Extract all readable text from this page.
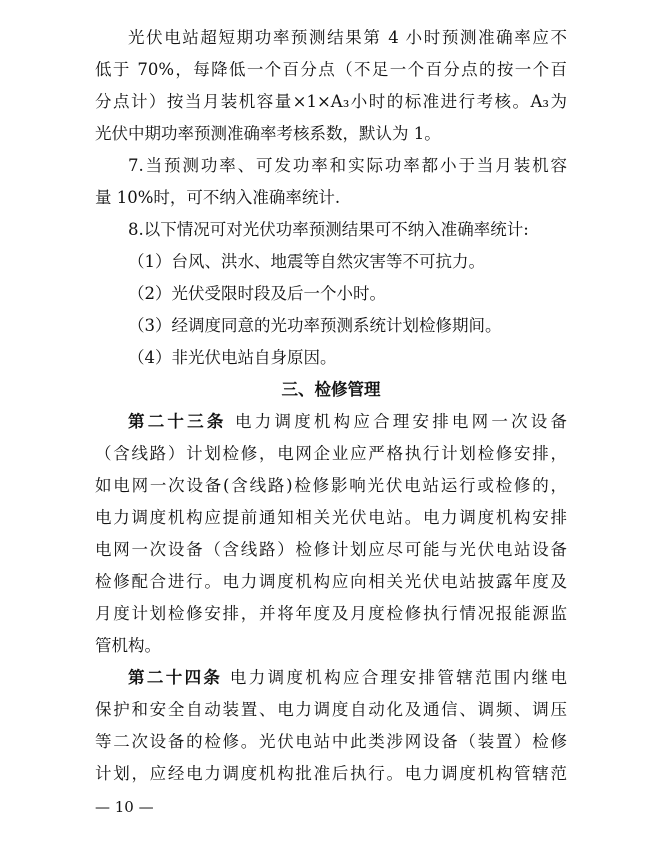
光伏电站超短期功率预测结果第 4 小时预测准确率应不
低于 70%，每降低一个百分点（不足一个百分点的按一个百
分点计）按当月装机容量×1×A₃小时的标准进行考核。A₃为
光伏中期功率预测准确率考核系数，默认为 1。
7.当预测功率、可发功率和实际功率都小于当月装机容
量 10%时，可不纳入准确率统计.
8.以下情况可对光伏功率预测结果可不纳入准确率统计:
（1）台风、洪水、地震等自然灾害等不可抗力。
（2）光伏受限时段及后一个小时。
（3）经调度同意的光功率预测系统计划检修期间。
（4）非光伏电站自身原因。
三、检修管理
第二十三条 电力调度机构应合理安排电网一次设备
（含线路）计划检修，电网企业应严格执行计划检修安排，
如电网一次设备(含线路)检修影响光伏电站运行或检修的，
电力调度机构应提前通知相关光伏电站。电力调度机构安排
电网一次设备（含线路）检修计划应尽可能与光伏电站设备
检修配合进行。电力调度机构应向相关光伏电站披露年度及
月度计划检修安排，并将年度及月度检修执行情况报能源监
管机构。
第二十四条 电力调度机构应合理安排管辖范围内继电
保护和安全自动装置、电力调度自动化及通信、调频、调压
等二次设备的检修。光伏电站中此类涉网设备（装置）检修
计划，应经电力调度机构批准后执行。电力调度机构管辖范
— 10 —
